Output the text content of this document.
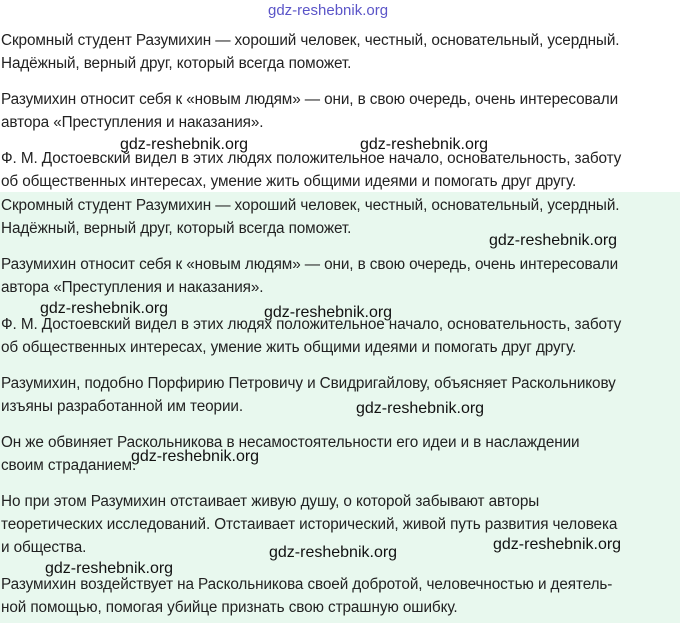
Скромный студент Разумихин — хороший человек, честный, основательный, усердный.
Надёжный, верный друг, который всегда поможет.

Разумихин относит себя к «новым людям» — они, в свою очередь, очень интересовали
автора «Преступления и наказания».

Ф. М. Достоевский видел в этих людях положительное начало, основательность, заботу
об общественных интересах, умение жить общими идеями и помогать друг другу.

Скромный студент Разумихин — хороший человек, честный, основательный, усердный.
Надёжный, верный друг, который всегда поможет.

Разумихин относит себя к «новым людям» — они, в свою очередь, очень интересовали
автора «Преступления и наказания».

Ф. М. Достоевский видел в этих людях положительное начало, основательность, заботу
об общественных интересах, умение жить общими идеями и помогать друг другу.

Разумихин, подобно Порфирию Петровичу и Свидригайлову, объясняет Раскольникову
изъяны разработанной им теории.

Он же обвиняет Раскольникова в несамостоятельности его идеи и в наслаждении
своим страданием.

Но при этом Разумихин отстаивает живую душу, о которой забывают авторы
теоретических исследований. Отстаивает исторический, живой путь развития человека
и общества.

Разумихин воздействует на Раскольникова своей добротой, человечностью и деятель-
ной помощью, помогая убийце признать свою страшную ошибку.

gdz-reshebnik.org
gdz-reshebnik.org	gdz-reshebnik.org
gdz-reshebnik.org
gdz-reshebnik.org	gdz-reshebnik.org
gdz-reshebnik.org
gdz-reshebnik.org
gdz-reshebnik.org
gdz-reshebnik.org
gdz-reshebnik.org
